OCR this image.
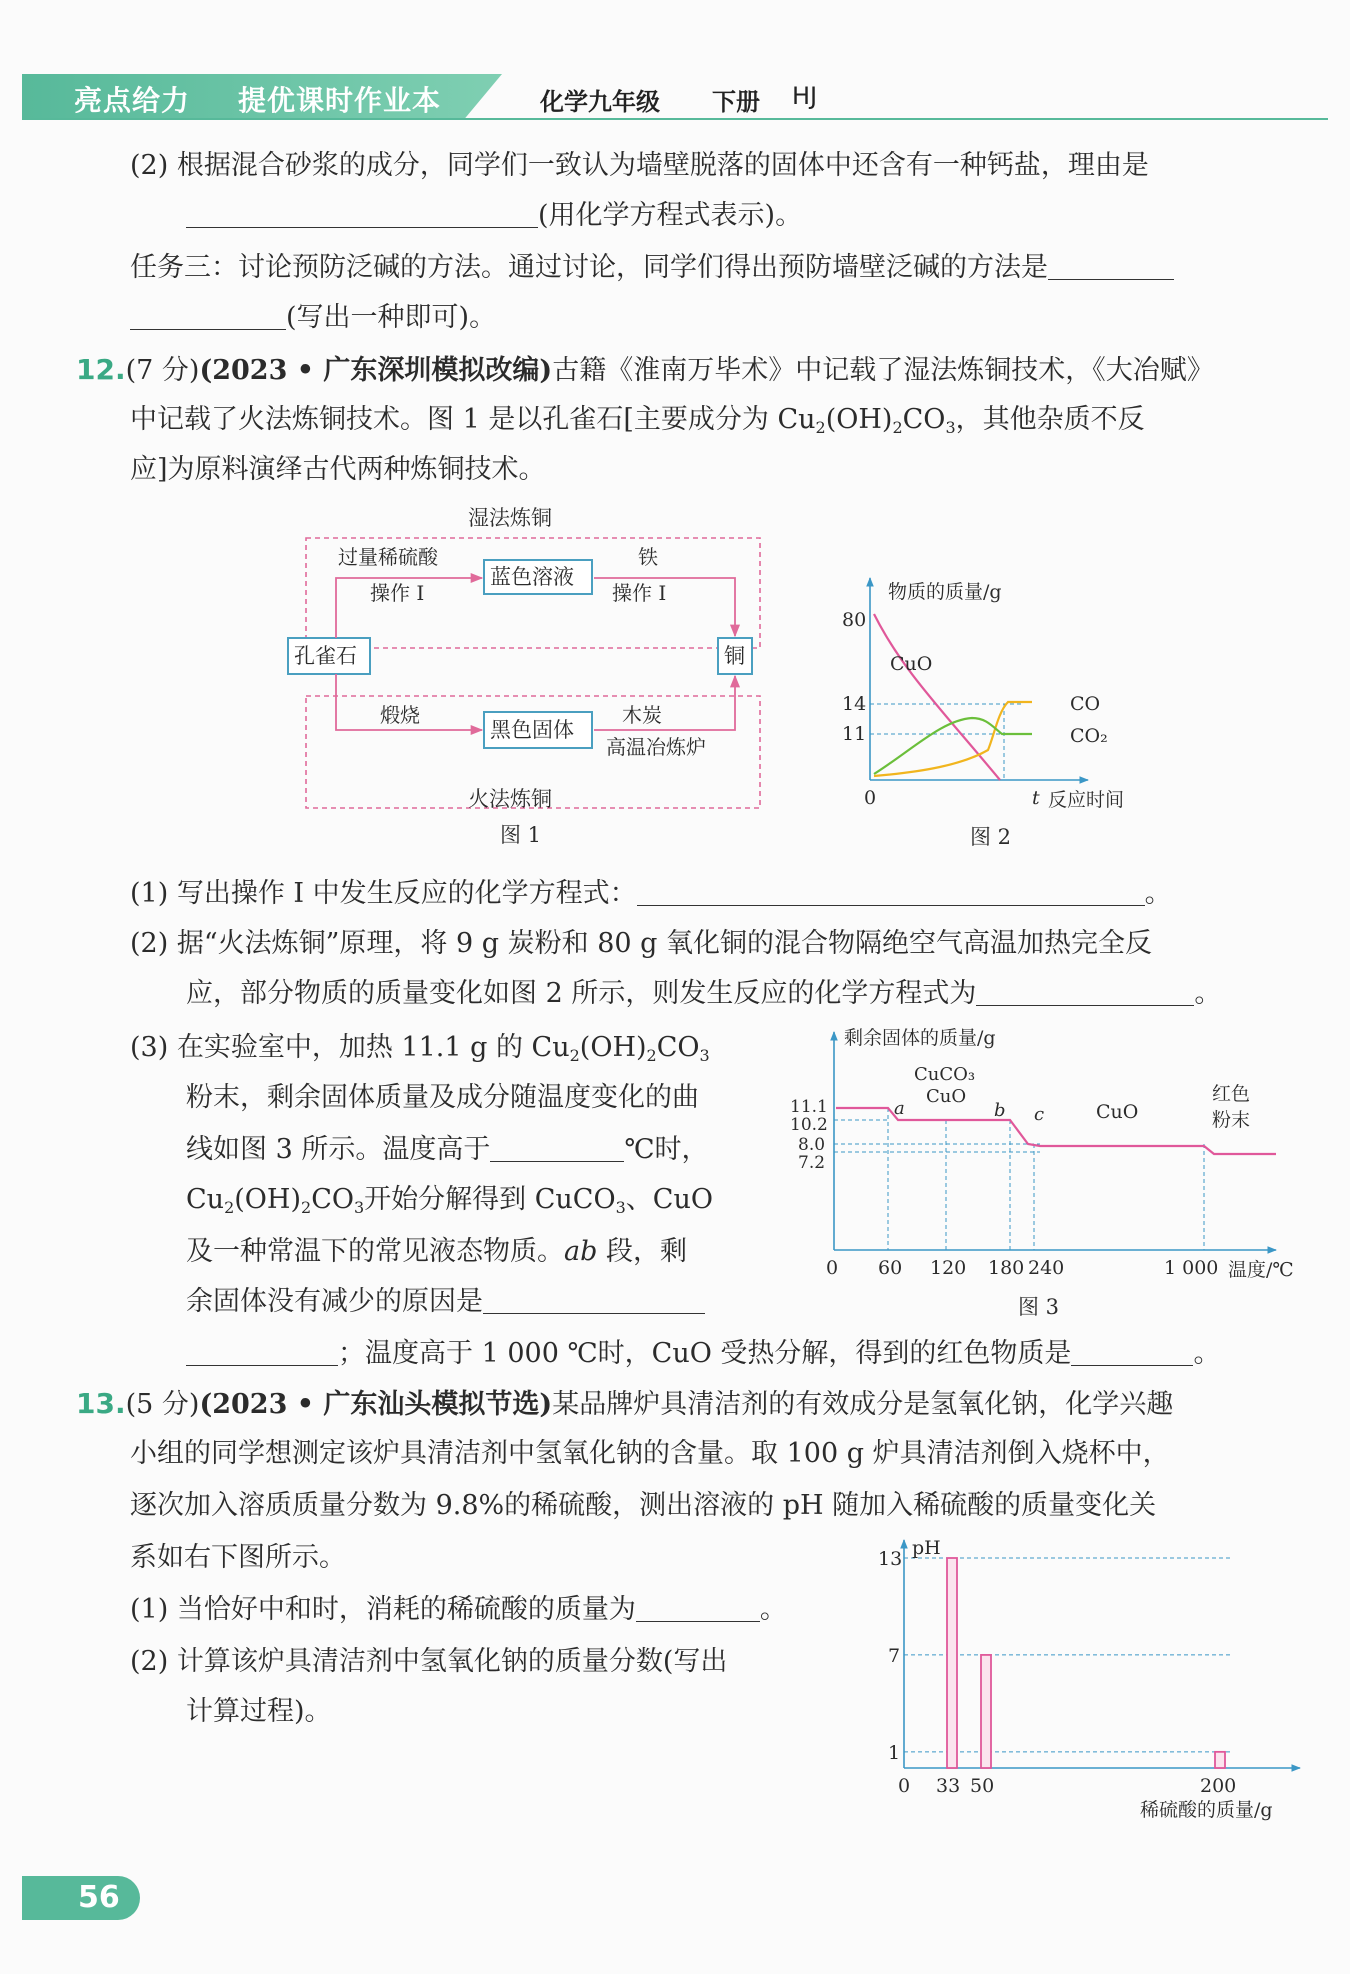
亮点给力 提优课时作业本	化学九年级 下册 HJ
(2) 根据混合砂浆的成分，同学们一致认为墙壁脱落的固体中还含有一种钙盐，理由是
(用化学方程式表示)。
任务三：讨论预防泛碱的方法。通过讨论，同学们得出预防墙壁泛碱的方法是
(写出一种即可)。
12.(7 分)(2023 • 广东深圳模拟改编)古籍《淮南万毕术》中记载了湿法炼铜技术，《大冶赋》
中记载了火法炼铜技术。图 1 是以孔雀石[主要成分为 $Cu_2(OH)_2CO_3$，其他杂质不反
应]为原料演绎古代两种炼铜技术。
湿法炼铜
孔雀石
蓝色溶液
铜
黑色固体
过量稀硫酸
操作 I
铁
操作 I
煅烧	木炭
高温冶炼炉
火法炼铜
图 1
物质的质量/g
80
14
11
0
CuO
CO
CO₂
t 反应时间
图 2
(1) 写出操作 I 中发生反应的化学方程式：	。
(2) 据“火法炼铜”原理，将 9 g 炭粉和 80 g 氧化铜的混合物隔绝空气高温加热完全反
应，部分物质的质量变化如图 2 所示，则发生反应的化学方程式为	。
(3) 在实验室中，加热 11.1 g 的 $Cu_2(OH)_2CO_3$
粉末，剩余固体质量及成分随温度变化的曲
线如图 3 所示。温度高于	℃时，
$Cu_2(OH)_2CO_3$开始分解得到 CuCO$_3$、CuO
及一种常温下的常见液态物质。ab 段，剩
余固体没有减少的原因是
；温度高于 1 000 ℃时，CuO 受热分解，得到的红色物质是	。
剩余固体的质量/g
11.1
10.2
8.0
7.2
0 60 120 180 240	1 000 温度/℃
CuCO₃
CuO
a	b c	CuO
红色
粉末
图 3
13.(5 分)(2023 • 广东汕头模拟节选)某品牌炉具清洁剂的有效成分是氢氧化钠，化学兴趣
小组的同学想测定该炉具清洁剂中氢氧化钠的含量。取 100 g 炉具清洁剂倒入烧杯中，
逐次加入溶质质量分数为 9.8%的稀硫酸，测出溶液的 pH 随加入稀硫酸的质量变化关
系如右下图所示。
(1) 当恰好中和时，消耗的稀硫酸的质量为	。
(2) 计算该炉具清洁剂中氢氧化钠的质量分数(写出
计算过程)。
pH
13
7
1
0 33 50	200
稀硫酸的质量/g
56
